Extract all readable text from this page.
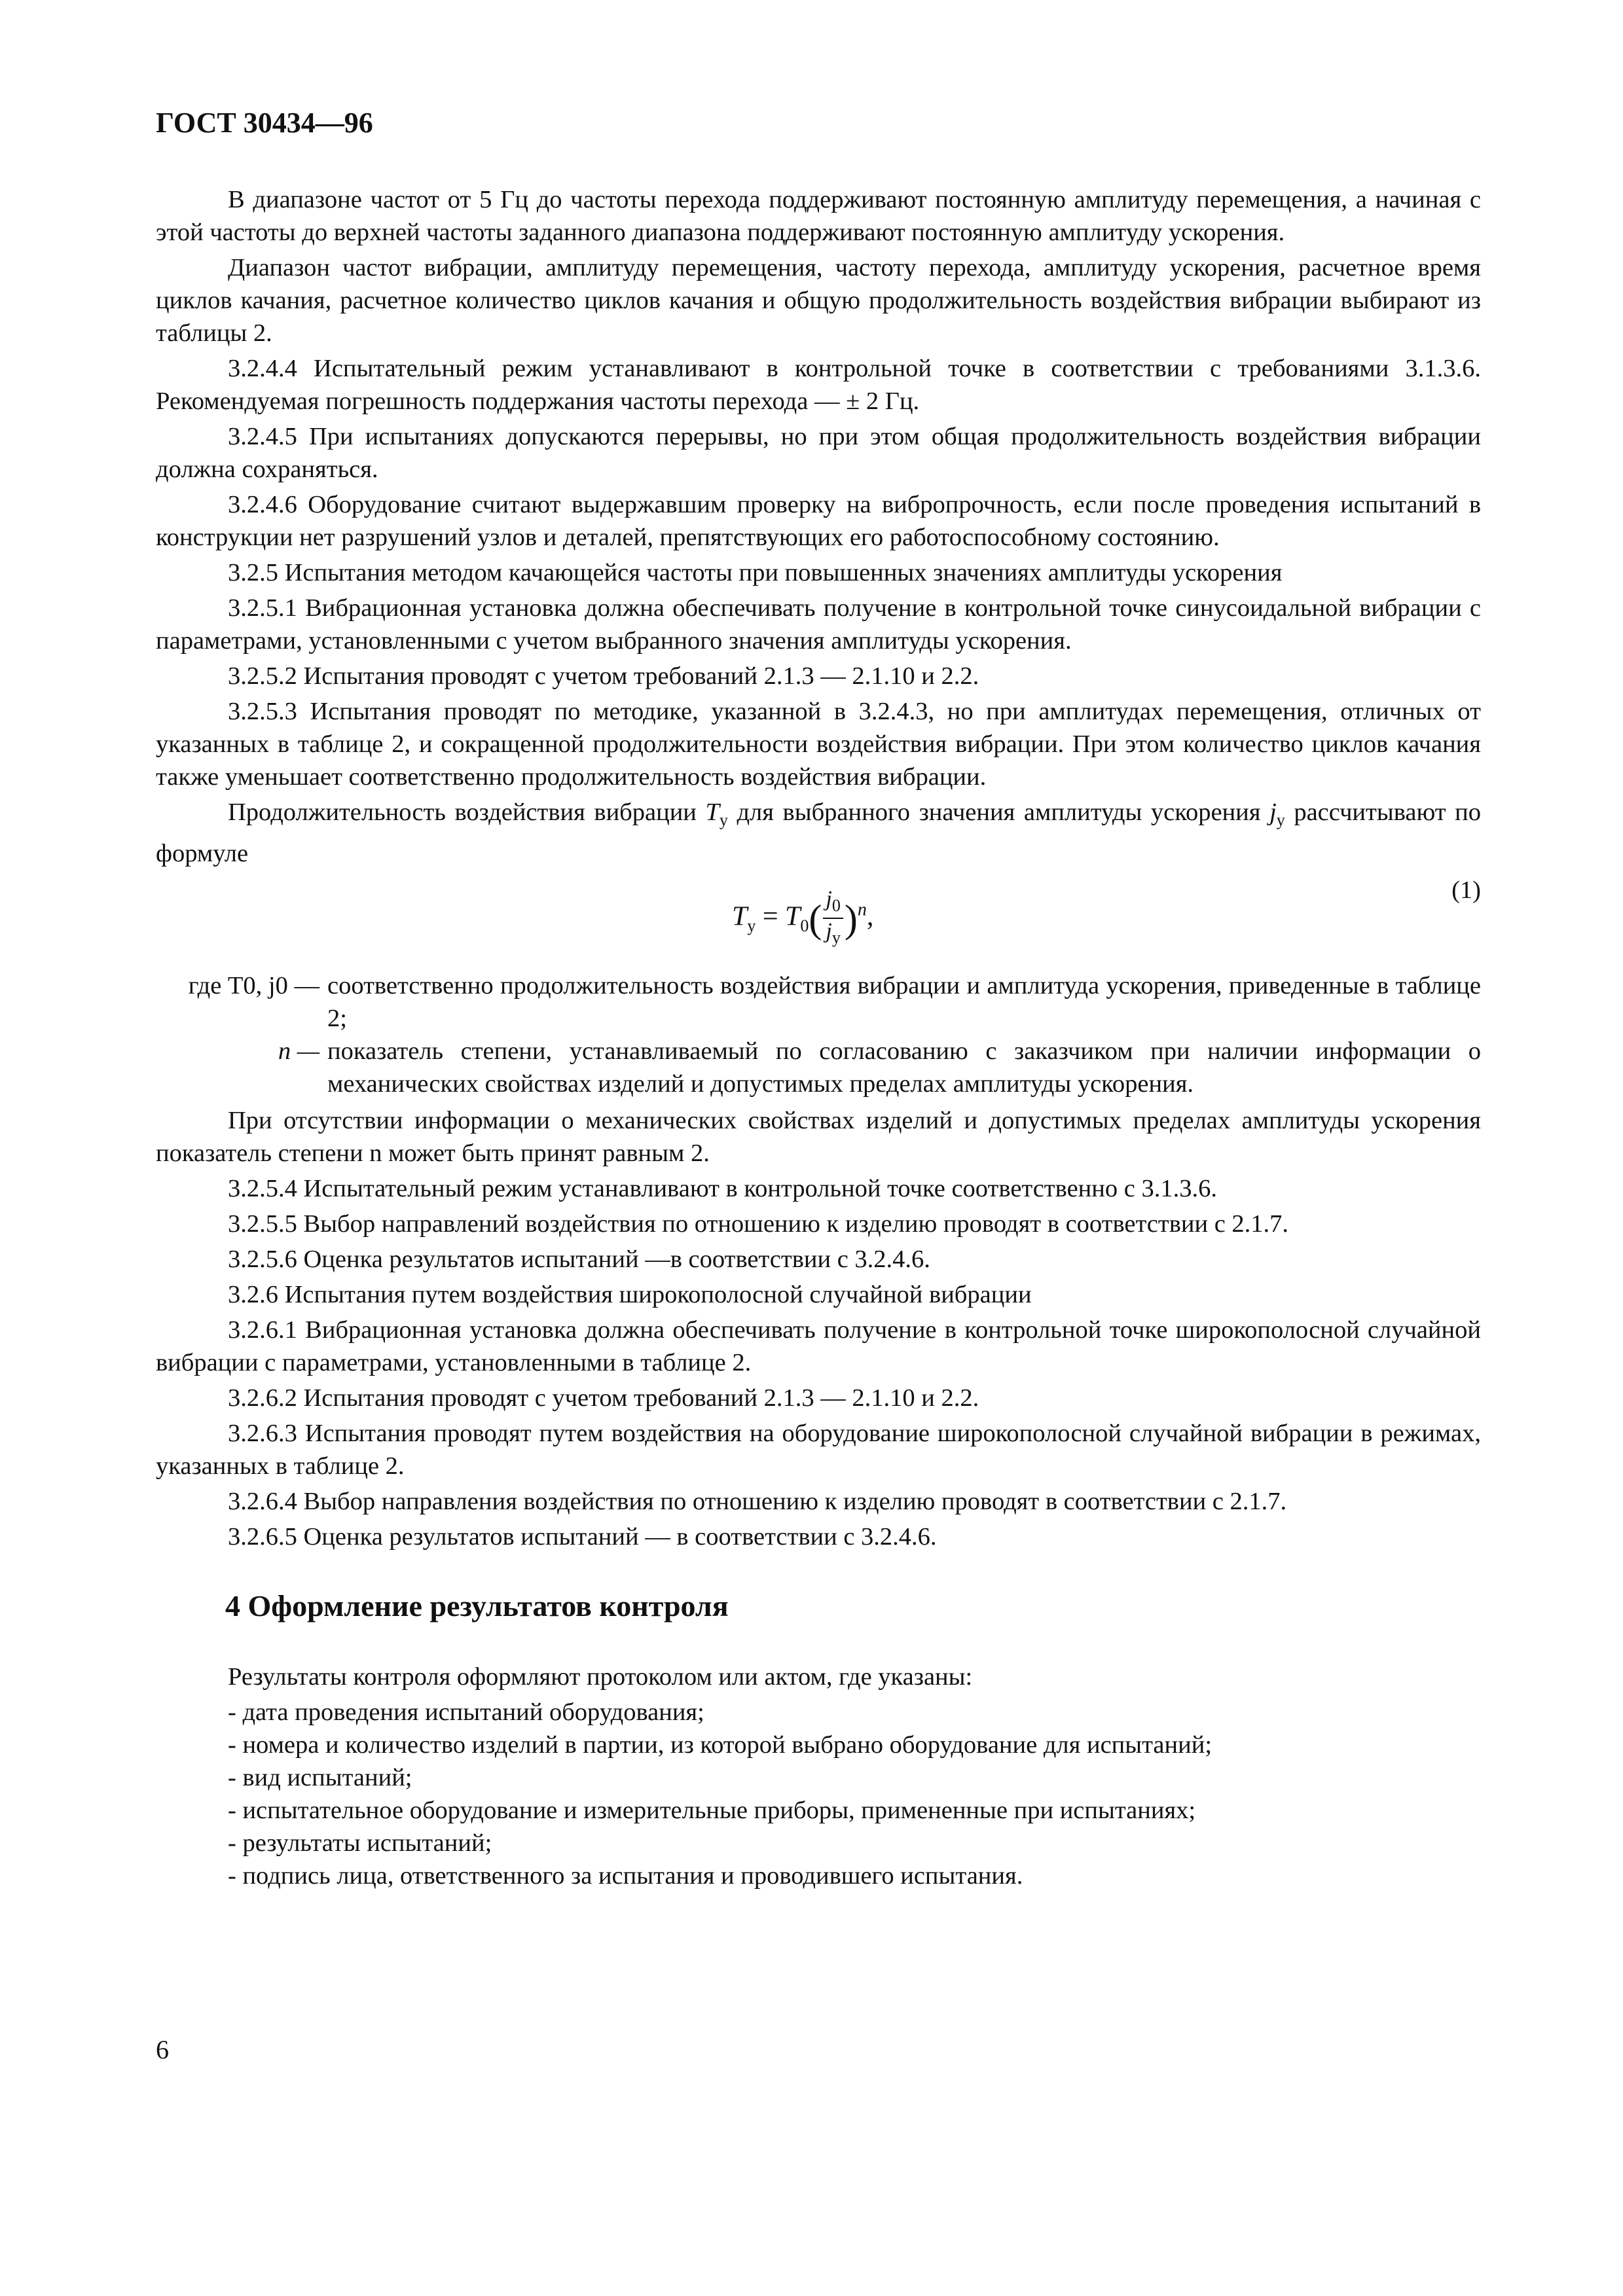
ГОСТ 30434—96

В диапазоне частот от 5 Гц до частоты перехода поддерживают постоянную амплитуду перемещения, а начиная с этой частоты до верхней частоты заданного диапазона поддерживают постоянную амплитуду ускорения.

Диапазон частот вибрации, амплитуду перемещения, частоту перехода, амплитуду ускорения, расчетное время циклов качания, расчетное количество циклов качания и общую продолжительность воздействия вибрации выбирают из таблицы 2.

3.2.4.4 Испытательный режим устанавливают в контрольной точке в соответствии с требованиями 3.1.3.6. Рекомендуемая погрешность поддержания частоты перехода — ± 2 Гц.

3.2.4.5 При испытаниях допускаются перерывы, но при этом общая продолжительность воздействия вибрации должна сохраняться.

3.2.4.6 Оборудование считают выдержавшим проверку на вибропрочность, если после проведения испытаний в конструкции нет разрушений узлов и деталей, препятствующих его работоспособному состоянию.

3.2.5 Испытания методом качающейся частоты при повышенных значениях амплитуды ускорения

3.2.5.1 Вибрационная установка должна обеспечивать получение в контрольной точке синусоидальной вибрации с параметрами, установленными с учетом выбранного значения амплитуды ускорения.

3.2.5.2 Испытания проводят с учетом требований 2.1.3 — 2.1.10 и 2.2.

3.2.5.3 Испытания проводят по методике, указанной в 3.2.4.3, но при амплитудах перемещения, отличных от указанных в таблице 2, и сокращенной продолжительности воздействия вибрации. При этом количество циклов качания также уменьшает соответственно продолжительность воздействия вибрации.

Продолжительность воздействия вибрации $T_у$ для выбранного значения амплитуды ускорения $j_у$ рассчитывают по формуле

$T_у = T_0( \frac{j_0}{j_у} )^n$,
(1)
где T0, j0 — соответственно продолжительность воздействия вибрации и амплитуда ускорения, приведенные в таблице 2;
n — показатель степени, устанавливаемый по согласованию с заказчиком при наличии информации о механических свойствах изделий и допустимых пределах амплитуды ускорения.

При отсутствии информации о механических свойствах изделий и допустимых пределах амплитуды ускорения показатель степени n может быть принят равным 2.

3.2.5.4 Испытательный режим устанавливают в контрольной точке соответственно с 3.1.3.6.

3.2.5.5 Выбор направлений воздействия по отношению к изделию проводят в соответствии с 2.1.7.

3.2.5.6 Оценка результатов испытаний —в соответствии с 3.2.4.6.

3.2.6 Испытания путем воздействия широкополосной случайной вибрации

3.2.6.1 Вибрационная установка должна обеспечивать получение в контрольной точке широкополосной случайной вибрации с параметрами, установленными в таблице 2.

3.2.6.2 Испытания проводят с учетом требований 2.1.3 — 2.1.10 и 2.2.

3.2.6.3 Испытания проводят путем воздействия на оборудование широкополосной случайной вибрации в режимах, указанных в таблице 2.

3.2.6.4 Выбор направления воздействия по отношению к изделию проводят в соответствии с 2.1.7.

3.2.6.5 Оценка результатов испытаний — в соответствии с 3.2.4.6.

4 Оформление результатов контроля

Результаты контроля оформляют протоколом или актом, где указаны:

- дата проведения испытаний оборудования;
- номера и количество изделий в партии, из которой выбрано оборудование для испытаний;
- вид испытаний;
- испытательное оборудование и измерительные приборы, примененные при испытаниях;
- результаты испытаний;
- подпись лица, ответственного за испытания и проводившего испытания.
6
